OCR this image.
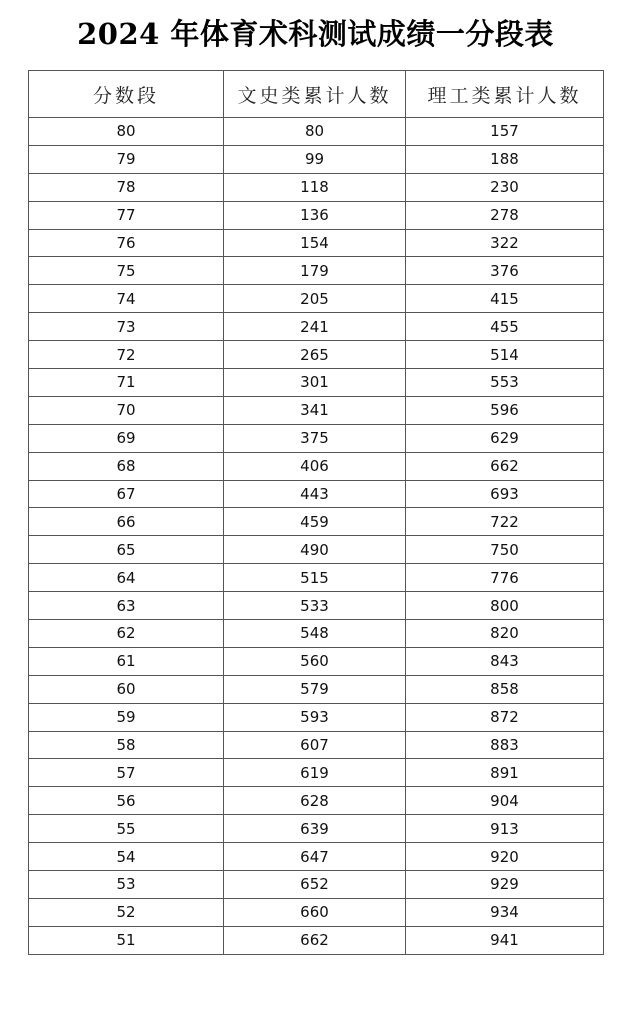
2024 年体育术科测试成绩一分段表
分数段	文史类累计人数	理工类累计人数
80	80	157
79	99	188
78	118	230
77	136	278
76	154	322
75	179	376
74	205	415
73	241	455
72	265	514
71	301	553
70	341	596
69	375	629
68	406	662
67	443	693
66	459	722
65	490	750
64	515	776
63	533	800
62	548	820
61	560	843
60	579	858
59	593	872
58	607	883
57	619	891
56	628	904
55	639	913
54	647	920
53	652	929
52	660	934
51	662	941
